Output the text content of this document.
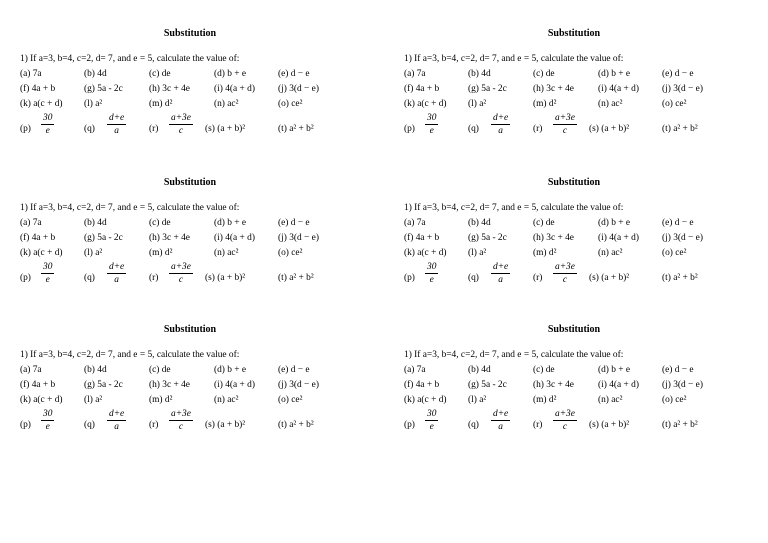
Substitution
1) If a=3, b=4, c=2, d= 7, and e = 5, calculate the value of:
(a) 7a	(b) 4d	(c) de	(d) b + e	(e) d − e
(f) 4a + b	(g) 5a - 2c	(h) 3c + 4e	(i) 4(a + d) (j) 3(d − e)
(k) a(c + d) (l) a²	(m) d²	(n) ac²	(o) ce²
$(p) \frac{30}{e}$	$(q) \frac{d+e}{a}$	$(r) \frac{a+3e}{c} (s) (a + b)^2$	(t) a² + b²
Substitution
1) If a=3, b=4, c=2, d= 7, and e = 5, calculate the value of:
(a) 7a	(b) 4d	(c) de	(d) b + e	(e) d − e
(f) 4a + b	(g) 5a - 2c	(h) 3c + 4e	(i) 4(a + d) (j) 3(d − e)
(k) a(c + d) (l) a²	(m) d²	(n) ac²	(o) ce²
$(p) \frac{30}{e}$	$(q) \frac{d+e}{a}$	$(r) \frac{a+3e}{c} (s) (a + b)^2$	(t) a² + b²
Substitution
1) If a=3, b=4, c=2, d= 7, and e = 5, calculate the value of:
(a) 7a	(b) 4d	(c) de	(d) b + e	(e) d − e
(f) 4a + b	(g) 5a - 2c	(h) 3c + 4e	(i) 4(a + d) (j) 3(d − e)
(k) a(c + d) (l) a²	(m) d²	(n) ac²	(o) ce²
$(p) \frac{30}{e}$	$(q) \frac{d+e}{a}$	$(r) \frac{a+3e}{c} (s) (a + b)^2$	(t) a² + b²
Substitution
1) If a=3, b=4, c=2, d= 7, and e = 5, calculate the value of:
(a) 7a	(b) 4d	(c) de	(d) b + e	(e) d − e
(f) 4a + b	(g) 5a - 2c	(h) 3c + 4e	(i) 4(a + d) (j) 3(d − e)
(k) a(c + d) (l) a²	(m) d²	(n) ac²	(o) ce²
$(p) \frac{30}{e}$	$(q) \frac{d+e}{a}$	$(r) \frac{a+3e}{c} (s) (a + b)^2$	(t) a² + b²
Substitution
1) If a=3, b=4, c=2, d= 7, and e = 5, calculate the value of:
(a) 7a	(b) 4d	(c) de	(d) b + e	(e) d − e
(f) 4a + b	(g) 5a - 2c	(h) 3c + 4e	(i) 4(a + d) (j) 3(d − e)
(k) a(c + d) (l) a²	(m) d²	(n) ac²	(o) ce²
$(p) \frac{30}{e}$	$(q) \frac{d+e}{a}$	$(r) \frac{a+3e}{c} (s) (a + b)^2$	(t) a² + b²
Substitution
1) If a=3, b=4, c=2, d= 7, and e = 5, calculate the value of:
(a) 7a	(b) 4d	(c) de	(d) b + e	(e) d − e
(f) 4a + b	(g) 5a - 2c	(h) 3c + 4e	(i) 4(a + d) (j) 3(d − e)
(k) a(c + d) (l) a²	(m) d²	(n) ac²	(o) ce²
$(p) \frac{30}{e}$	$(q) \frac{d+e}{a}$	$(r) \frac{a+3e}{c} (s) (a + b)^2$	(t) a² + b²
